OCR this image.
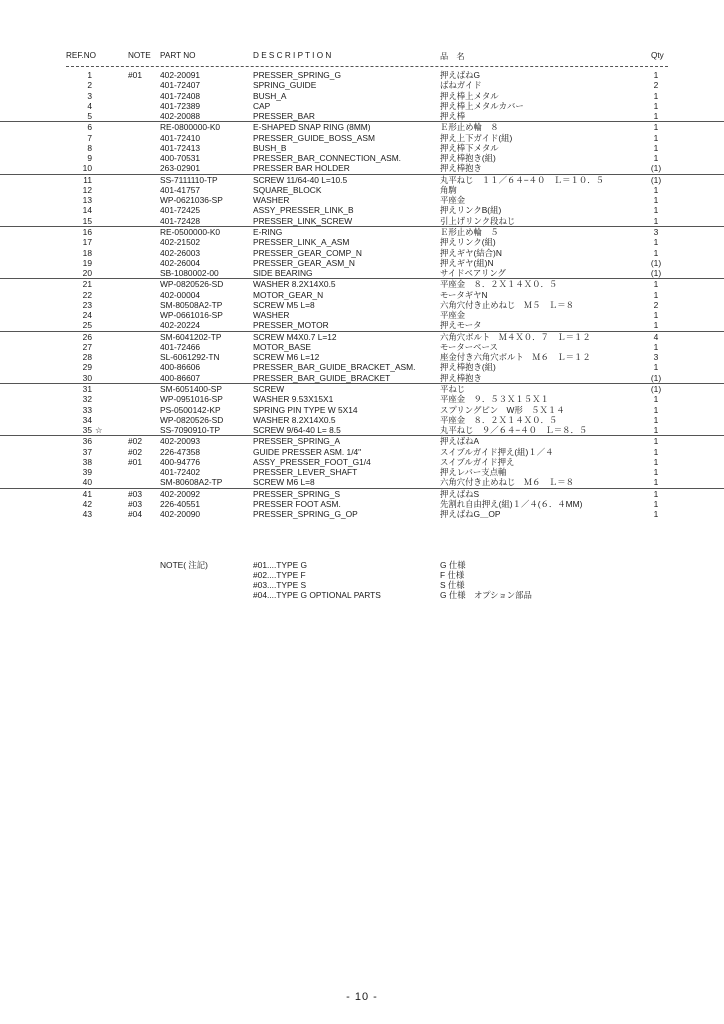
REF.NO	NOTE PART NO	D E S C R I P T I O N	品　名	Qty
1	#01 402-20091	PRESSER_SPRING_G	押えばねG	1
2	401-72407	SPRING_GUIDE	ばねガイド	2
3	401-72408	BUSH_A	押え棒上メタル	1
4	401-72389	CAP	押え棒上メタルカバー	1
5	402-20088	PRESSER_BAR	押え棒	1
6	RE-0800000-K0	E-SHAPED SNAP RING (8MM)	Ｅ形止め輪　８	1
7	401-72410	PRESSER_GUIDE_BOSS_ASM	押え上下ガイド(組)	1
8	401-72413	BUSH_B	押え棒下メタル	1
9	400-70531	PRESSER_BAR_CONNECTION_ASM.	押え棒抱き(組)	1
10	263-02901	PRESSER BAR HOLDER	押え棒抱き	(1)
11	SS-7111110-TP	SCREW 11/64-40 L=10.5	丸平ねじ　１１／６４−４０　Ｌ＝１０．５	(1)
12	401-41757	SQUARE_BLOCK	角駒	1
13	WP-0621036-SP	WASHER	平座金	1
14	401-72425	ASSY_PRESSER_LINK_B	押えリンクB(組)	1
15	401-72428	PRESSER_LINK_SCREW	引上げリンク段ねじ	1
16	RE-0500000-K0	E-RING	Ｅ形止め輪　５	3
17	402-21502	PRESSER_LINK_A_ASM	押えリンク(組)	1
18	402-26003	PRESSER_GEAR_COMP_N	押えギヤ(結合)N	1
19	402-26004	PRESSER_GEAR_ASM_N	押えギヤ(組)N	(1)
20	SB-1080002-00	SIDE BEARING	サイドベアリング	(1)
21	WP-0820526-SD	WASHER 8.2X14X0.5	平座金　８．２Ｘ１４Ｘ０．５	1
22	402-00004	MOTOR_GEAR_N	モータギヤN	1
23	SM-80508A2-TP	SCREW M5 L=8	六角穴付き止めねじ　Ｍ５　Ｌ＝８	2
24	WP-0661016-SP	WASHER	平座金	1
25	402-20224	PRESSER_MOTOR	押えモータ	1
26	SM-6041202-TP	SCREW M4X0.7 L=12	六角穴ボルト　Ｍ４Ｘ０．７　Ｌ＝１２	4
27	401-72466	MOTOR_BASE	モーターベース	1
28	SL-6061292-TN	SCREW M6 L=12	座金付き六角穴ボルト　Ｍ６　Ｌ＝１２	3
29	400-86606	PRESSER_BAR_GUIDE_BRACKET_ASM.	押え棒抱き(組)	1
30	400-86607	PRESSER_BAR_GUIDE_BRACKET	押え棒抱き	(1)
31	SM-6051400-SP	SCREW	平ねじ	(1)
32	WP-0951016-SP	WASHER 9.53X15X1	平座金　９．５３Ｘ１５Ｘ１	1
33	PS-0500142-KP	SPRING PIN TYPE W 5X14	スプリングピン　W形　５Ｘ１４	1
34	WP-0820526-SD	WASHER 8.2X14X0.5	平座金　８．２Ｘ１４Ｘ０．５	1
35 ☆	SS-7090910-TP	SCREW 9/64-40 L= 8.5	丸平ねじ　９／６４−４０　Ｌ＝８．５	1
36	#02 402-20093	PRESSER_SPRING_A	押えばねA	1
37	#02 226-47358	GUIDE PRESSER ASM. 1/4"	スイブルガイド押え(組)１／４	1
38	#01 400-94776	ASSY_PRESSER_FOOT_G1/4	スイブルガイド押え	1
39	401-72402	PRESSER_LEVER_SHAFT	押えレバー支点軸	1
40	SM-80608A2-TP	SCREW M6 L=8	六角穴付き止めねじ　Ｍ６　Ｌ＝８	1
41	#03 402-20092	PRESSER_SPRING_S	押えばねS	1
42	#03 226-40551	PRESSER FOOT ASM.	先割れ自由押え(組)１／４(６．４MM)	1
43	#04 402-20090	PRESSER_SPRING_G_OP	押えばねG＿OP	1
NOTE( 注記)	#01....TYPE G	G 仕様
#02....TYPE F	F 仕様
#03....TYPE S	S 仕様
#04....TYPE G OPTIONAL PARTS	G 仕様　オプション部品
- 10 -
